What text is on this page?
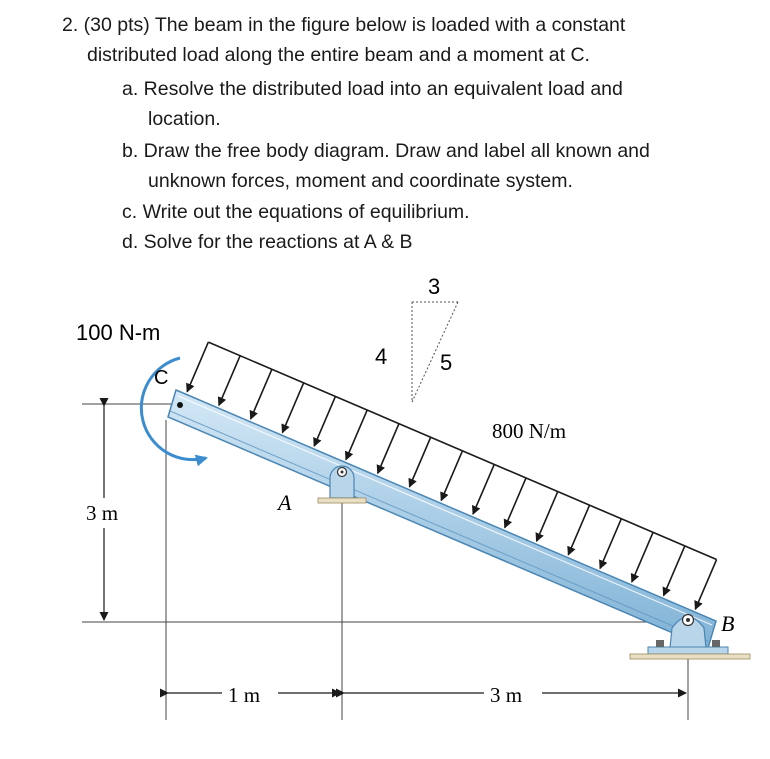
2. (30 pts) The beam in the figure below is loaded with a constant
distributed load along the entire beam and a moment at C.
a. Resolve the distributed load into an equivalent load and
location.
b. Draw the free body diagram. Draw and label all known and
unknown forces, moment and coordinate system.
c. Write out the equations of equilibrium.
d. Solve for the reactions at A & B
100 N-m
C
A
B
3
4 5
800 N/m
3 m
1 m	3 m
